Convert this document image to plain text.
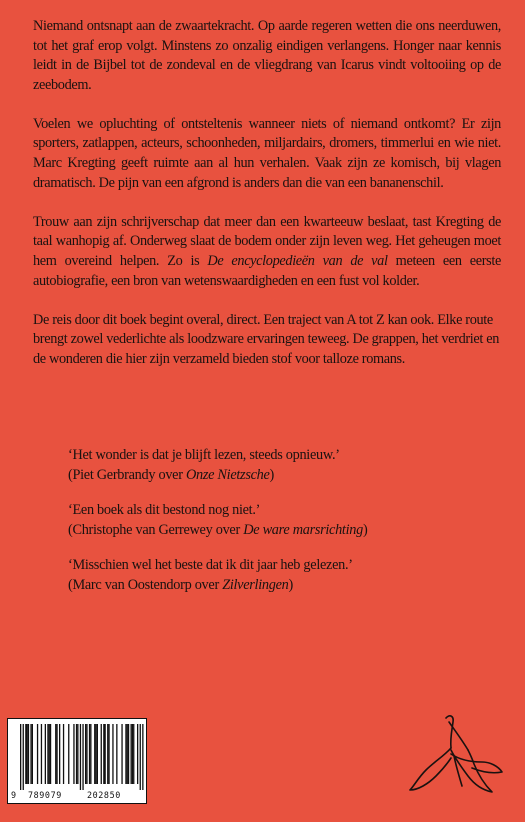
Niemand ontsnapt aan de zwaartekracht. Op aarde regeren wetten die ons neerduwen, tot het graf erop volgt. Minstens zo onzalig eindigen verlangens. Honger naar kennis leidt in de Bijbel tot de zondeval en de vliegdrang van Icarus vindt voltooiing op de zeebodem.

Voelen we opluchting of ontsteltenis wanneer niets of niemand ontkomt? Er zijn sporters, zatlappen, acteurs, schoonheden, miljardairs, dromers, timmerlui en wie niet. Marc Kregting geeft ruimte aan al hun verhalen. Vaak zijn ze komisch, bij vlagen dramatisch. De pijn van een afgrond is anders dan die van een bananenschil.

Trouw aan zijn schrijverschap dat meer dan een kwarteeuw beslaat, tast Kregting de taal wanhopig af. Onderweg slaat de bodem onder zijn leven weg. Het geheugen moet hem overeind helpen. Zo is De encyclopedieën van de val meteen een eerste autobiografie, een bron van wetenswaardigheden en een fust vol kolder.

De reis door dit boek begint overal, direct. Een traject van A tot Z kan ook. Elke route brengt zowel vederlichte als loodzware ervaringen teweeg. De grappen, het verdriet en de wonderen die hier zijn verzameld bieden stof voor talloze romans.

‘Het wonder is dat je blijft lezen, steeds opnieuw.’
(Piet Gerbrandy over Onze Nietzsche)
‘Een boek als dit bestond nog niet.’
(Christophe van Gerrewey over De ware marsrichting)
‘Misschien wel het beste dat ik dit jaar heb gelezen.’
(Marc van Oostendorp over Zilverlingen)
9 789079	202850
